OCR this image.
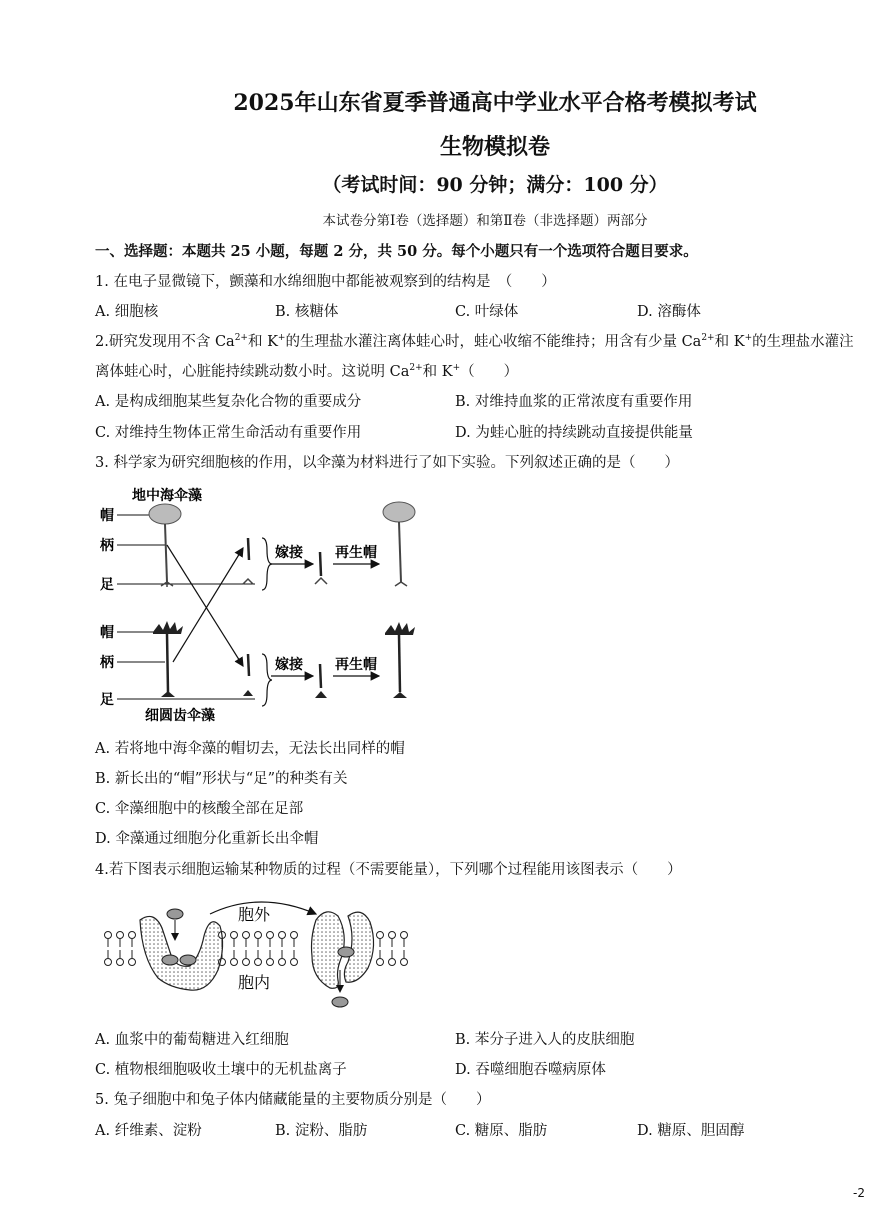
2025年山东省夏季普通高中学业水平合格考模拟考试
生物模拟卷
（考试时间：90 分钟；满分：100 分）
本试卷分第Ⅰ卷（选择题）和第Ⅱ卷（非选择题）两部分
一、选择题：本题共 25 小题，每题 2 分，共 50 分。每个小题只有一个选项符合题目要求。
1. 在电子显微镜下，颤藻和水绵细胞中都能被观察到的结构是　（　　）
A. 细胞核	B. 核糖体	C. 叶绿体	D. 溶酶体
2.研究发现用不含 $Ca^{2+}$和 K+的生理盐水灌注离体蛙心时，蛙心收缩不能维持；用含有少量 $Ca^{2+}$和 K+的生理盐水灌注
离体蛙心时，心脏能持续跳动数小时。这说明 $Ca^{2+}$和 K+（　　）
A. 是构成细胞某些复杂化合物的重要成分	B. 对维持血浆的正常浓度有重要作用
C. 对维持生物体正常生命活动有重要作用	D. 为蛙心脏的持续跳动直接提供能量
3. 科学家为研究细胞核的作用，以伞藻为材料进行了如下实验。下列叙述正确的是（　　）
地中海伞藻
帽
柄
足
帽
柄
足
细圆齿伞藻
嫁接
嫁接
再生帽
再生帽
A. 若将地中海伞藻的帽切去，无法长出同样的帽
B. 新长出的“帽”形状与“足”的种类有关
C. 伞藻细胞中的核酸全部在足部
D. 伞藻通过细胞分化重新长出伞帽
4.若下图表示细胞运输某种物质的过程（不需要能量），下列哪个过程能用该图表示（　　）
胞外
胞内
A. 血浆中的葡萄糖进入红细胞	B. 苯分子进入人的皮肤细胞
C. 植物根细胞吸收土壤中的无机盐离子	D. 吞噬细胞吞噬病原体
5. 兔子细胞中和兔子体内储藏能量的主要物质分别是（　　）
A. 纤维素、淀粉	B. 淀粉、脂肪	C. 糖原、脂肪	D. 糖原、胆固醇
-2
